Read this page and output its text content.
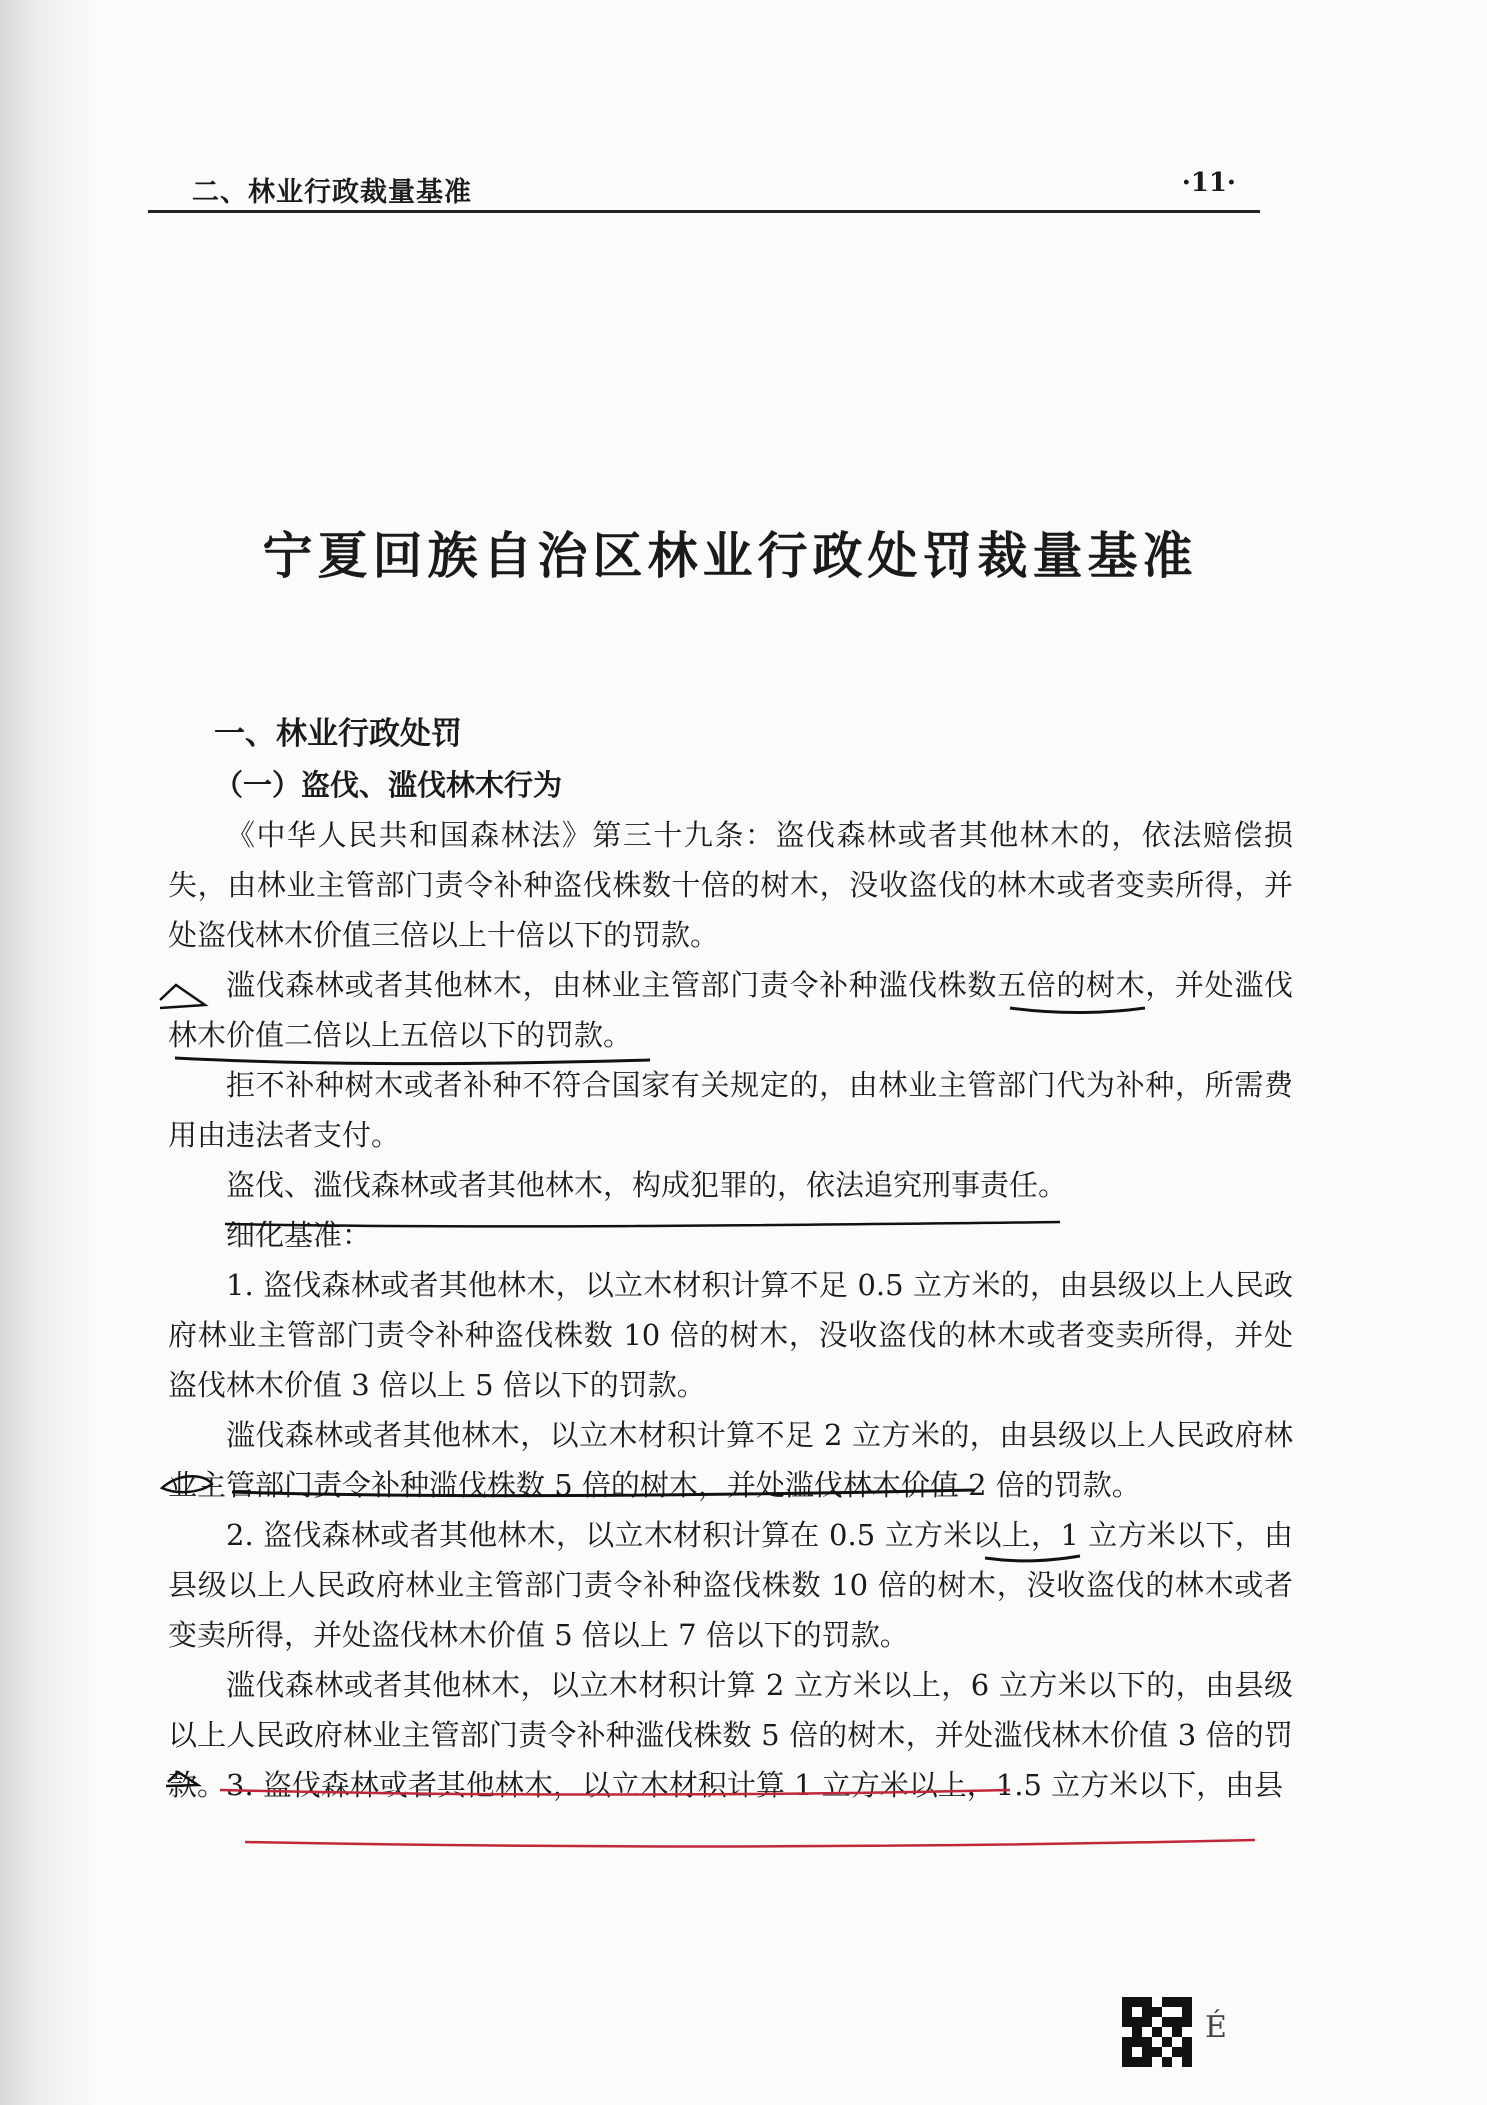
二、林业行政裁量基准	·11·
宁夏回族自治区林业行政处罚裁量基准
一、林业行政处罚
（一）盗伐、滥伐林木行为
《中华人民共和国森林法》第三十九条：盗伐森林或者其他林木的，依法赔偿损失，由林业主管部门责令补种盗伐株数十倍的树木，没收盗伐的林木或者变卖所得，并处盗伐林木价值三倍以上十倍以下的罚款。
滥伐森林或者其他林木，由林业主管部门责令补种滥伐株数五倍的树木，并处滥伐林木价值二倍以上五倍以下的罚款。
拒不补种树木或者补种不符合国家有关规定的，由林业主管部门代为补种，所需费用由违法者支付。
盗伐、滥伐森林或者其他林木，构成犯罪的，依法追究刑事责任。
细化基准：
1. 盗伐森林或者其他林木，以立木材积计算不足 0.5 立方米的，由县级以上人民政府林业主管部门责令补种盗伐株数 10 倍的树木，没收盗伐的林木或者变卖所得，并处盗伐林木价值 3 倍以上 5 倍以下的罚款。
滥伐森林或者其他林木，以立木材积计算不足 2 立方米的，由县级以上人民政府林业主管部门责令补种滥伐株数 5 倍的树木，并处滥伐林木价值 2 倍的罚款。
2. 盗伐森林或者其他林木，以立木材积计算在 0.5 立方米以上，1 立方米以下，由县级以上人民政府林业主管部门责令补种盗伐株数 10 倍的树木，没收盗伐的林木或者变卖所得，并处盗伐林木价值 5 倍以上 7 倍以下的罚款。
滥伐森林或者其他林木，以立木材积计算 2 立方米以上，6 立方米以下的，由县级以上人民政府林业主管部门责令补种滥伐株数 5 倍的树木，并处滥伐林木价值 3 倍的罚款。 3. 盗伐森林或者其他林木，以立木材积计算 1 立方米以上，1.5 立方米以下，由县
É
